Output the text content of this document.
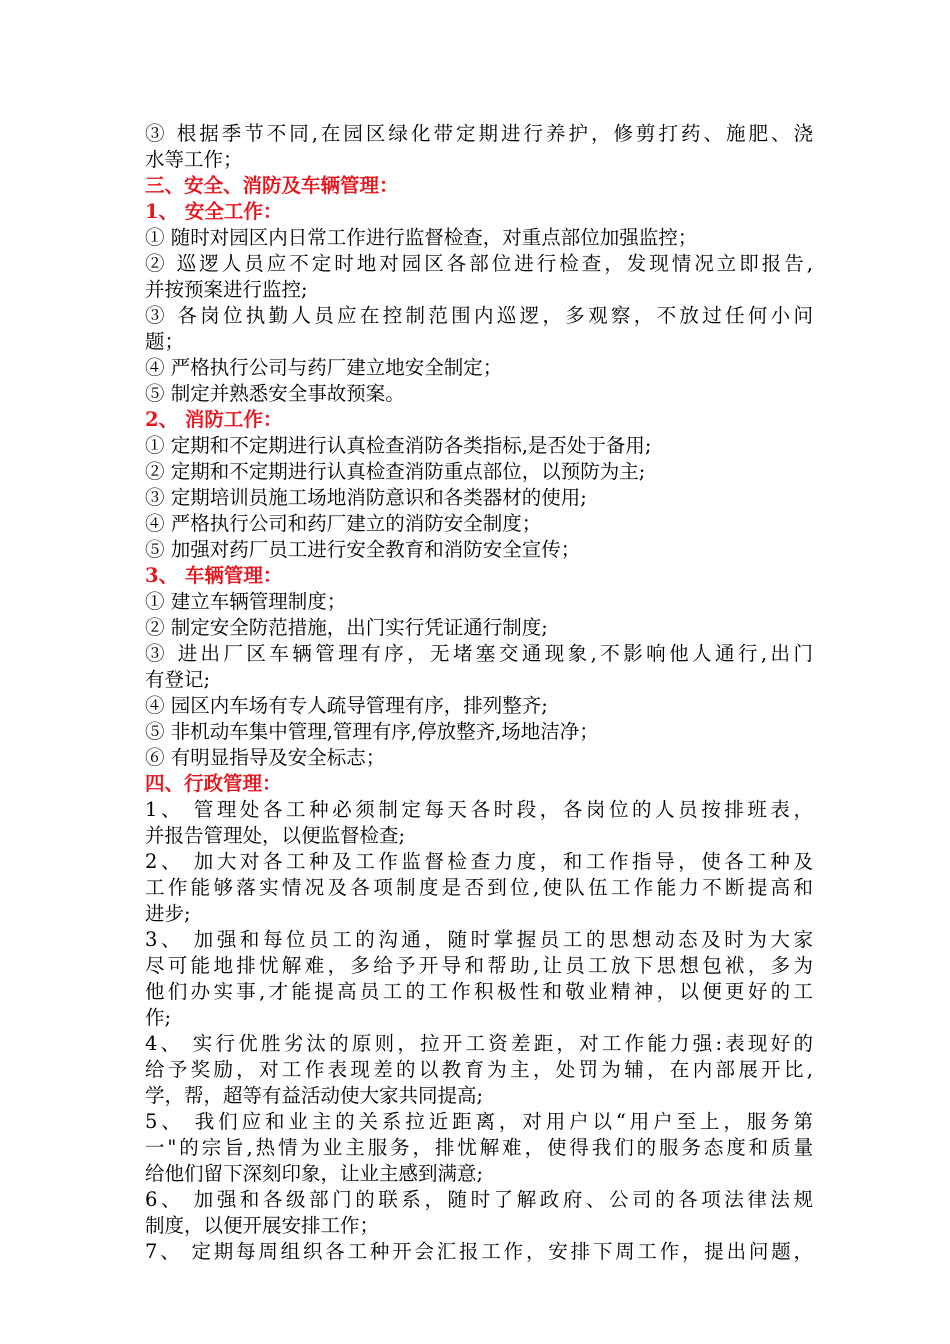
③ 根据季节不同,在园区绿化带定期进行养护，修剪打药、施肥、浇
水等工作；
三、安全、消防及车辆管理：
1、 安全工作：
① 随时对园区内日常工作进行监督检查，对重点部位加强监控；
② 巡逻人员应不定时地对园区各部位进行检查，发现情况立即报告,
并按预案进行监控;
③ 各岗位执勤人员应在控制范围内巡逻，多观察，不放过任何小问
题；
④ 严格执行公司与药厂建立地安全制定；
⑤ 制定并熟悉安全事故预案。
2、 消防工作：
① 定期和不定期进行认真检查消防各类指标,是否处于备用;
② 定期和不定期进行认真检查消防重点部位，以预防为主;
③ 定期培训员施工场地消防意识和各类器材的使用;
④ 严格执行公司和药厂建立的消防安全制度；
⑤ 加强对药厂员工进行安全教育和消防安全宣传；
3、 车辆管理：
① 建立车辆管理制度；
② 制定安全防范措施，出门实行凭证通行制度;
③ 进出厂区车辆管理有序，无堵塞交通现象,不影响他人通行,出门
有登记;
④ 园区内车场有专人疏导管理有序，排列整齐;
⑤ 非机动车集中管理,管理有序,停放整齐,场地洁净；
⑥ 有明显指导及安全标志；
四、行政管理：
1、 管理处各工种必须制定每天各时段，各岗位的人员按排班表，
并报告管理处，以便监督检查;
2、 加大对各工种及工作监督检查力度，和工作指导，使各工种及
工作能够落实情况及各项制度是否到位,使队伍工作能力不断提高和
进步;
3、 加强和每位员工的沟通，随时掌握员工的思想动态及时为大家
尽可能地排忧解难，多给予开导和帮助,让员工放下思想包袱，多为
他们办实事,才能提高员工的工作积极性和敬业精神，以便更好的工
作;
4、 实行优胜劣汰的原则，拉开工资差距，对工作能力强:表现好的
给予奖励，对工作表现差的以教育为主，处罚为辅，在内部展开比,
学，帮，超等有益活动使大家共同提高;
5、 我们应和业主的关系拉近距离，对用户以“用户至上，服务第
一"的宗旨,热情为业主服务，排忧解难，使得我们的服务态度和质量
给他们留下深刻印象，让业主感到满意;
6、 加强和各级部门的联系，随时了解政府、公司的各项法律法规
制度，以便开展安排工作；
7、 定期每周组织各工种开会汇报工作，安排下周工作，提出问题，
